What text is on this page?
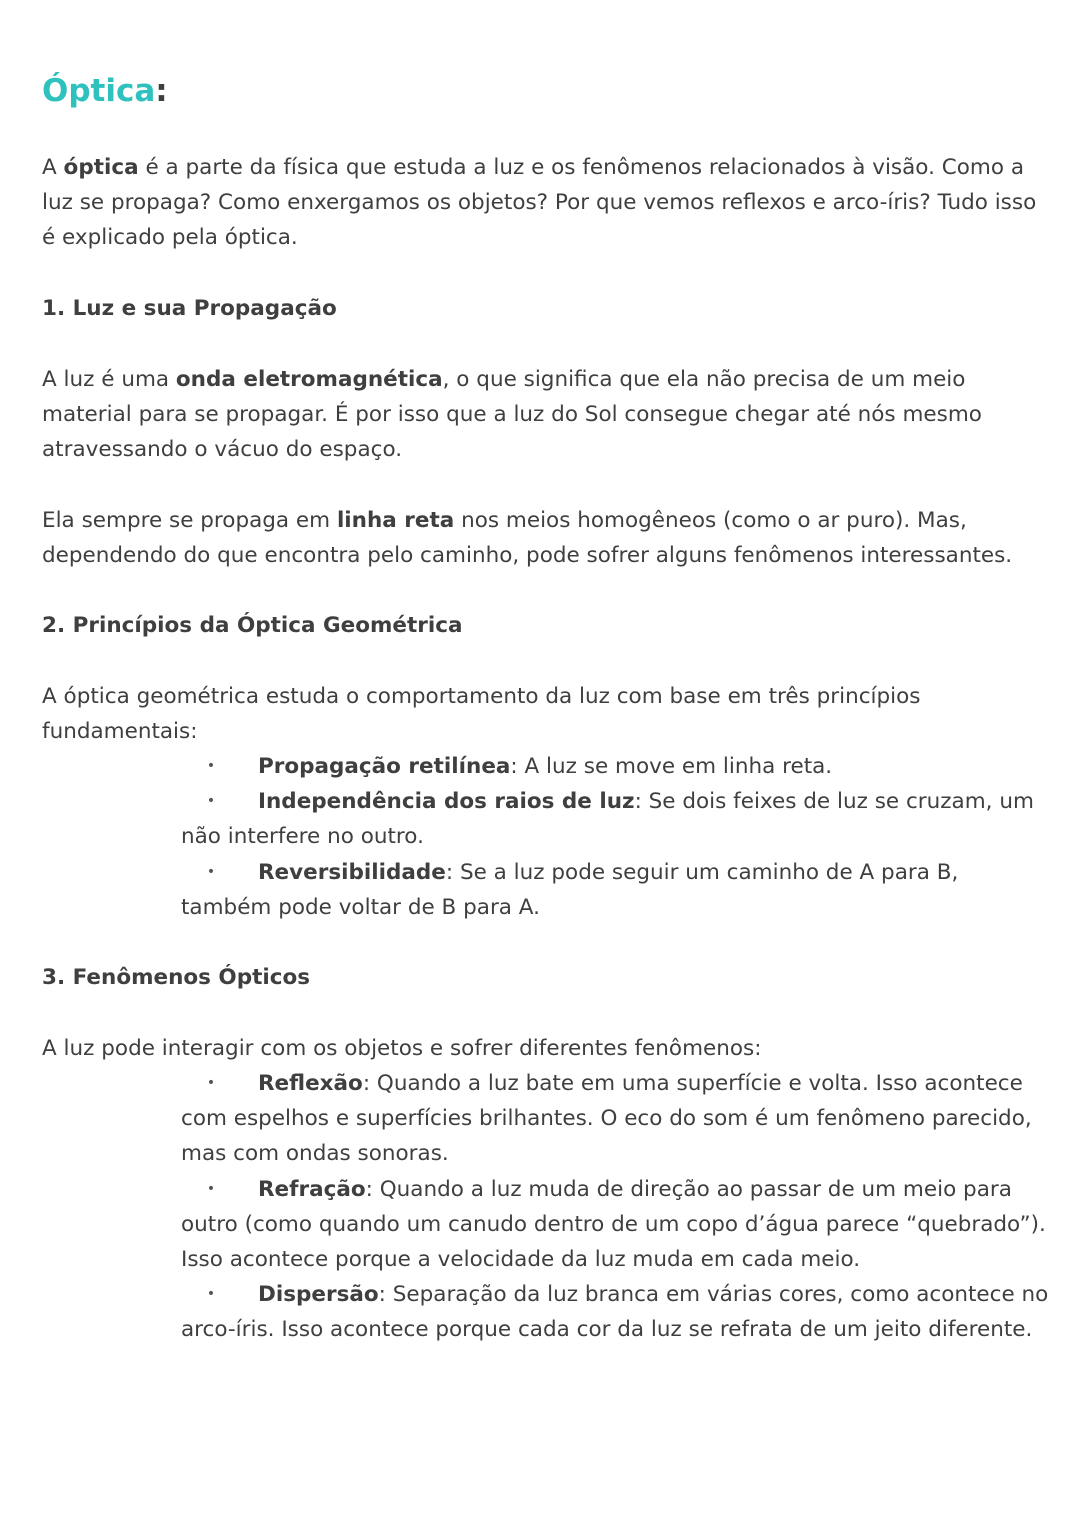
Óptica:

A óptica é a parte da física que estuda a luz e os fenômenos relacionados à visão. Como a luz se propaga? Como enxergamos os objetos? Por que vemos reflexos e arco-íris? Tudo isso é explicado pela óptica.

1. Luz e sua Propagação

A luz é uma onda eletromagnética, o que significa que ela não precisa de um meio material para se propagar. É por isso que a luz do Sol consegue chegar até nós mesmo atravessando o vácuo do espaço.

Ela sempre se propaga em linha reta nos meios homogêneos (como o ar puro). Mas, dependendo do que encontra pelo caminho, pode sofrer alguns fenômenos interessantes.

2. Princípios da Óptica Geométrica

A óptica geométrica estuda o comportamento da luz com base em três princípios fundamentais:

•	Propagação retilínea: A luz se move em linha reta.
•	Independência dos raios de luz: Se dois feixes de luz se cruzam, um não interfere no outro.
•	Reversibilidade: Se a luz pode seguir um caminho de A para B, também pode voltar de B para A.
3. Fenômenos Ópticos

A luz pode interagir com os objetos e sofrer diferentes fenômenos:

•	Reflexão: Quando a luz bate em uma superfície e volta. Isso acontece com espelhos e superfícies brilhantes. O eco do som é um fenômeno parecido, mas com ondas sonoras.
•	Refração: Quando a luz muda de direção ao passar de um meio para outro (como quando um canudo dentro de um copo d’água parece “quebrado”). Isso acontece porque a velocidade da luz muda em cada meio.
•	Dispersão: Separação da luz branca em várias cores, como acontece no arco-íris. Isso acontece porque cada cor da luz se refrata de um jeito diferente.
